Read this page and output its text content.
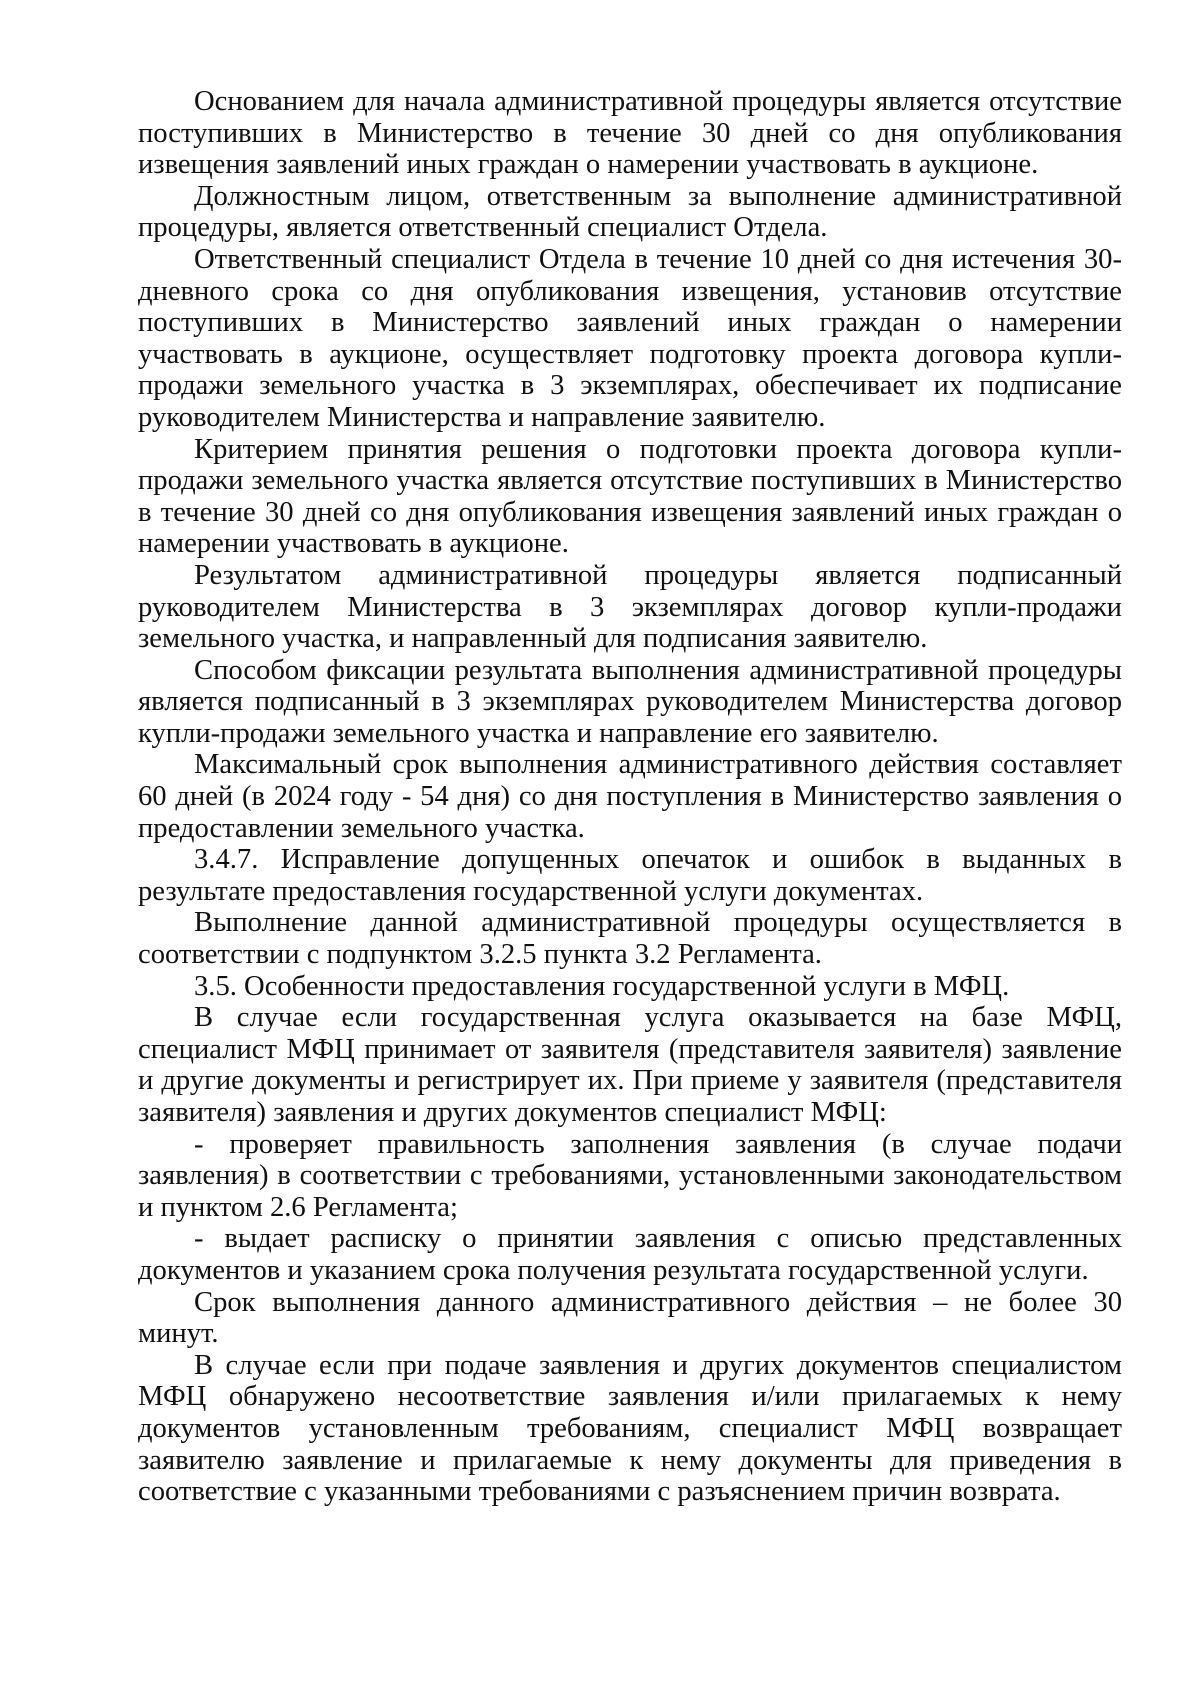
Основанием для начала административной процедуры является отсутствие поступивших в Министерство в течение 30 дней со дня опубликования извещения заявлений иных граждан о намерении участвовать в аукционе.

Должностным лицом, ответственным за выполнение административной процедуры, является ответственный специалист Отдела.

Ответственный специалист Отдела в течение 10 дней со дня истечения 30-дневного срока со дня опубликования извещения, установив отсутствие поступивших в Министерство заявлений иных граждан о намерении участвовать в аукционе, осуществляет подготовку проекта договора купли-продажи земельного участка в 3 экземплярах, обеспечивает их подписание руководителем Министерства и направление заявителю.

Критерием принятия решения о подготовки проекта договора купли-продажи земельного участка является отсутствие поступивших в Министерство в течение 30 дней со дня опубликования извещения заявлений иных граждан о намерении участвовать в аукционе.

Результатом административной процедуры является подписанный руководителем Министерства в 3 экземплярах договор купли-продажи земельного участка, и направленный для подписания заявителю.

Способом фиксации результата выполнения административной процедуры является подписанный в 3 экземплярах руководителем Министерства договор купли-продажи земельного участка и направление его заявителю.

Максимальный срок выполнения административного действия составляет 60 дней (в 2024 году - 54 дня) со дня поступления в Министерство заявления о предоставлении земельного участка.

3.4.7. Исправление допущенных опечаток и ошибок в выданных в результате предоставления государственной услуги документах.

Выполнение данной административной процедуры осуществляется в соответствии с подпунктом 3.2.5 пункта 3.2 Регламента.

3.5. Особенности предоставления государственной услуги в МФЦ.

В случае если государственная услуга оказывается на базе МФЦ, специалист МФЦ принимает от заявителя (представителя заявителя) заявление и другие документы и регистрирует их. При приеме у заявителя (представителя заявителя) заявления и других документов специалист МФЦ:

- проверяет правильность заполнения заявления (в случае подачи заявления) в соответствии с требованиями, установленными законодательством и пунктом 2.6 Регламента;

- выдает расписку о принятии заявления с описью представленных документов и указанием срока получения результата государственной услуги.

Срок выполнения данного административного действия – не более 30 минут.

В случае если при подаче заявления и других документов специалистом МФЦ обнаружено несоответствие заявления и/или прилагаемых к нему документов установленным требованиям, специалист МФЦ возвращает заявителю заявление и прилагаемые к нему документы для приведения в соответствие с указанными требованиями с разъяснением причин возврата.
